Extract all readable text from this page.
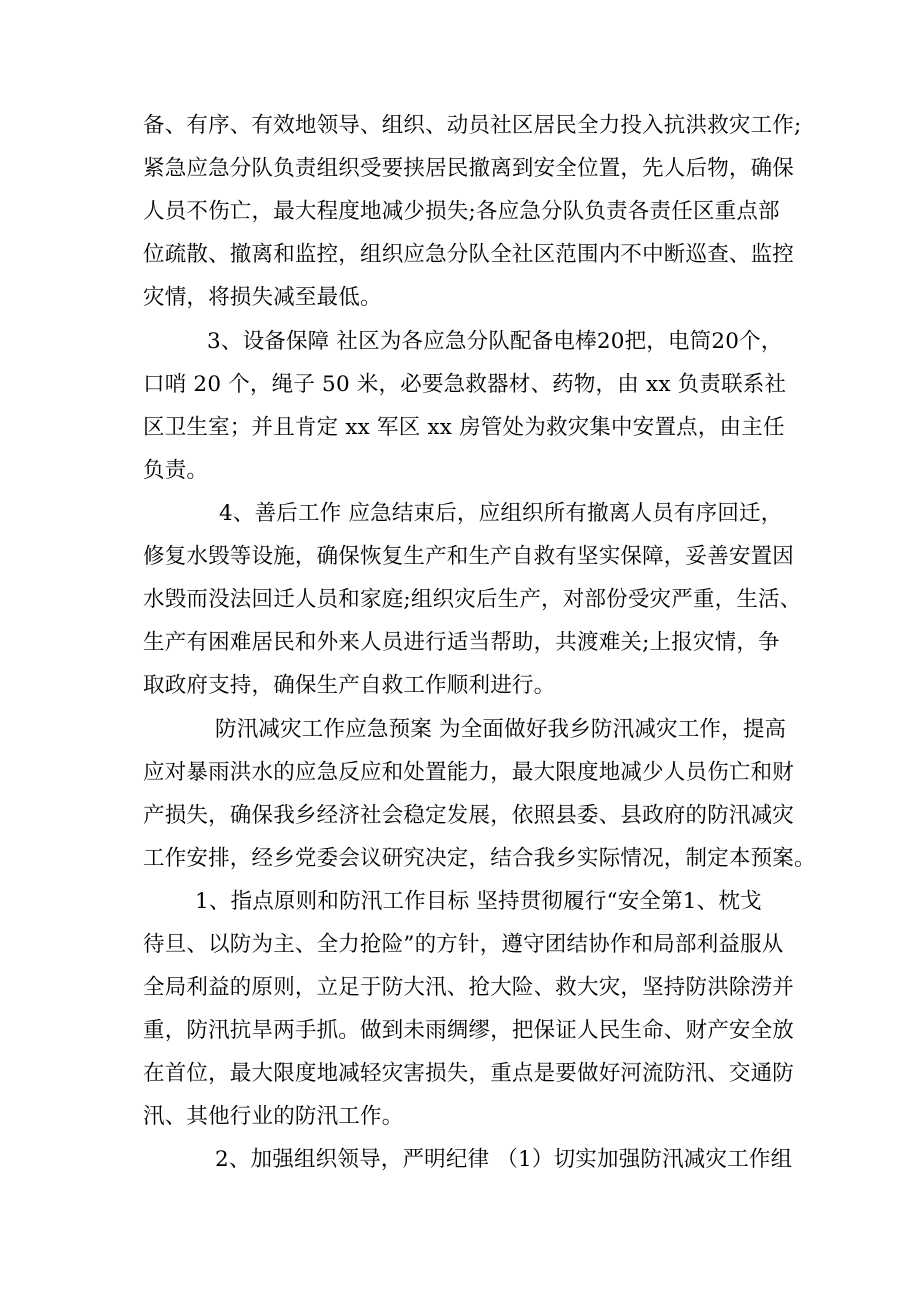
备、有序、有效地领导、组织、动员社区居民全力投入抗洪救灾工作;
紧急应急分队负责组织受要挟居民撤离到安全位置，先人后物，确保
人员不伤亡，最大程度地减少损失;各应急分队负责各责任区重点部
位疏散、撤离和监控，组织应急分队全社区范围内不中断巡查、监控
灾情，将损失减至最低。
3、设备保障 社区为各应急分队配备电棒20把，电筒20个，
口哨 20 个，绳子 50 米，必要急救器材、药物，由 xx 负责联系社
区卫生室；并且肯定 xx 军区 xx 房管处为救灾集中安置点，由主任
负责。
4、善后工作 应急结束后，应组织所有撤离人员有序回迁，
修复水毁等设施，确保恢复生产和生产自救有坚实保障，妥善安置因
水毁而没法回迁人员和家庭;组织灾后生产，对部份受灾严重，生活、
生产有困难居民和外来人员进行适当帮助，共渡难关;上报灾情，争
取政府支持，确保生产自救工作顺利进行。
防汛减灾工作应急预案 为全面做好我乡防汛减灾工作，提高
应对暴雨洪水的应急反应和处置能力，最大限度地减少人员伤亡和财
产损失，确保我乡经济社会稳定发展，依照县委、县政府的防汛减灾
工作安排，经乡党委会议研究决定，结合我乡实际情况，制定本预案。
1、指点原则和防汛工作目标 坚持贯彻履行“安全第1、枕戈
待旦、以防为主、全力抢险”的方针，遵守团结协作和局部利益服从
全局利益的原则，立足于防大汛、抢大险、救大灾，坚持防洪除涝并
重，防汛抗旱两手抓。做到未雨绸缪，把保证人民生命、财产安全放
在首位，最大限度地减轻灾害损失，重点是要做好河流防汛、交通防
汛、其他行业的防汛工作。
2、加强组织领导，严明纪律 （1）切实加强防汛减灾工作组
